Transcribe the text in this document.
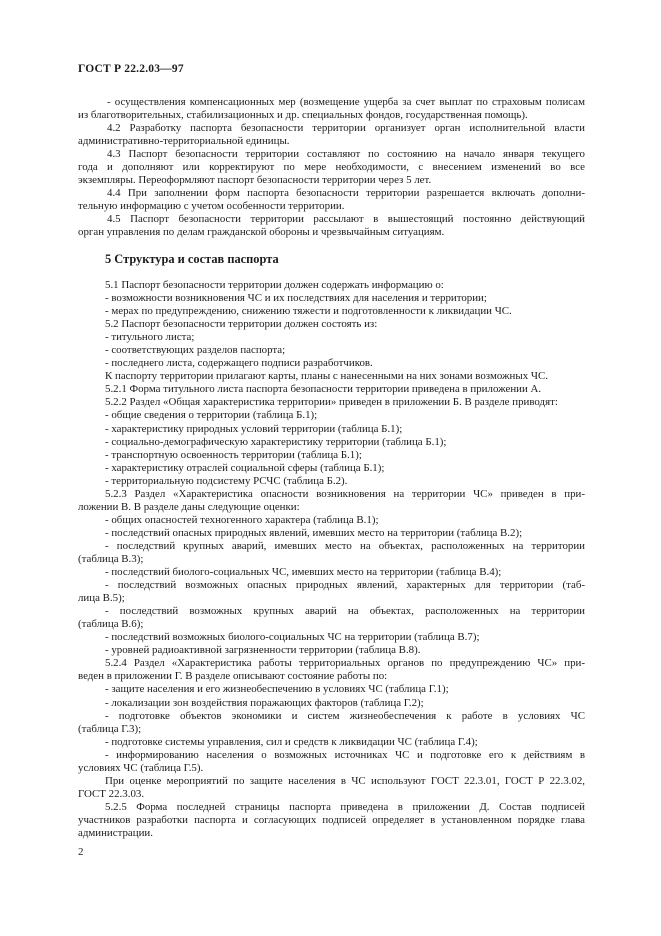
ГОСТ Р 22.2.03—97
- осуществления компенсационных мер (возмещение ущерба за счет выплат по страховым полисам
из благотворительных, стабилизационных и др. специальных фондов, государственная помощь).
4.2 Разработку паспорта безопасности территории организует орган исполнительной власти
административно-территориальной единицы.
4.3 Паспорт безопасности территории составляют по состоянию на начало января текущего
года и дополняют или корректируют по мере необходимости, с внесением изменений во все
экземпляры. Переоформляют паспорт безопасности территории через 5 лет.
4.4 При заполнении форм паспорта безопасности территории разрешается включать дополни-
тельную информацию с учетом особенности территории.
4.5 Паспорт безопасности территории рассылают в вышестоящий постоянно действующий
орган управления по делам гражданской обороны и чрезвычайным ситуациям.
5 Структура и состав паспорта
5.1 Паспорт безопасности территории должен содержать информацию о:
- возможности возникновения ЧС и их последствиях для населения и территории;
- мерах по предупреждению, снижению тяжести и подготовленности к ликвидации ЧС.
5.2 Паспорт безопасности территории должен состоять из:
- титульного листа;
- соответствующих разделов паспорта;
- последнего листа, содержащего подписи разработчиков.
К паспорту территории прилагают карты, планы с нанесенными на них зонами возможных ЧС.
5.2.1 Форма титульного листа паспорта безопасности территории приведена в приложении А.
5.2.2 Раздел «Общая характеристика территории» приведен в приложении Б. В разделе приводят:
- общие сведения о территории (таблица Б.1);
- характеристику природных условий территории (таблица Б.1);
- социально-демографическую характеристику территории (таблица Б.1);
- транспортную освоенность территории (таблица Б.1);
- характеристику отраслей социальной сферы (таблица Б.1);
- территориальную подсистему РСЧС (таблица Б.2).
5.2.3 Раздел «Характеристика опасности возникновения на территории ЧС» приведен в при-
ложении В. В разделе даны следующие оценки:
- общих опасностей техногенного характера (таблица В.1);
- последствий опасных природных явлений, имевших место на территории (таблица В.2);
- последствий крупных аварий, имевших место на объектах, расположенных на территории
(таблица В.3);
- последствий биолого-социальных ЧС, имевших место на территории (таблица В.4);
- последствий возможных опасных природных явлений, характерных для территории (таб-
лица В.5);
- последствий возможных крупных аварий на объектах, расположенных на территории
(таблица В.6);
- последствий возможных биолого-социальных ЧС на территории (таблица В.7);
- уровней радиоактивной загрязненности территории (таблица В.8).
5.2.4 Раздел «Характеристика работы территориальных органов по предупреждению ЧС» при-
веден в приложении Г. В разделе описывают состояние работы по:
- защите населения и его жизнеобеспечению в условиях ЧС (таблица Г.1);
- локализации зон воздействия поражающих факторов (таблица Г.2);
- подготовке объектов экономики и систем жизнеобеспечения к работе в условиях ЧС
(таблица Г.3);
- подготовке системы управления, сил и средств к ликвидации ЧС (таблица Г.4);
- информированию населения о возможных источниках ЧС и подготовке его к действиям в
условиях ЧС (таблица Г.5).
При оценке мероприятий по защите населения в ЧС используют ГОСТ 22.3.01, ГОСТ Р 22.3.02,
ГОСТ 22.3.03.
5.2.5 Форма последней страницы паспорта приведена в приложении Д. Состав подписей
участников разработки паспорта и согласующих подписей определяет в установленном порядке глава
администрации.
2
